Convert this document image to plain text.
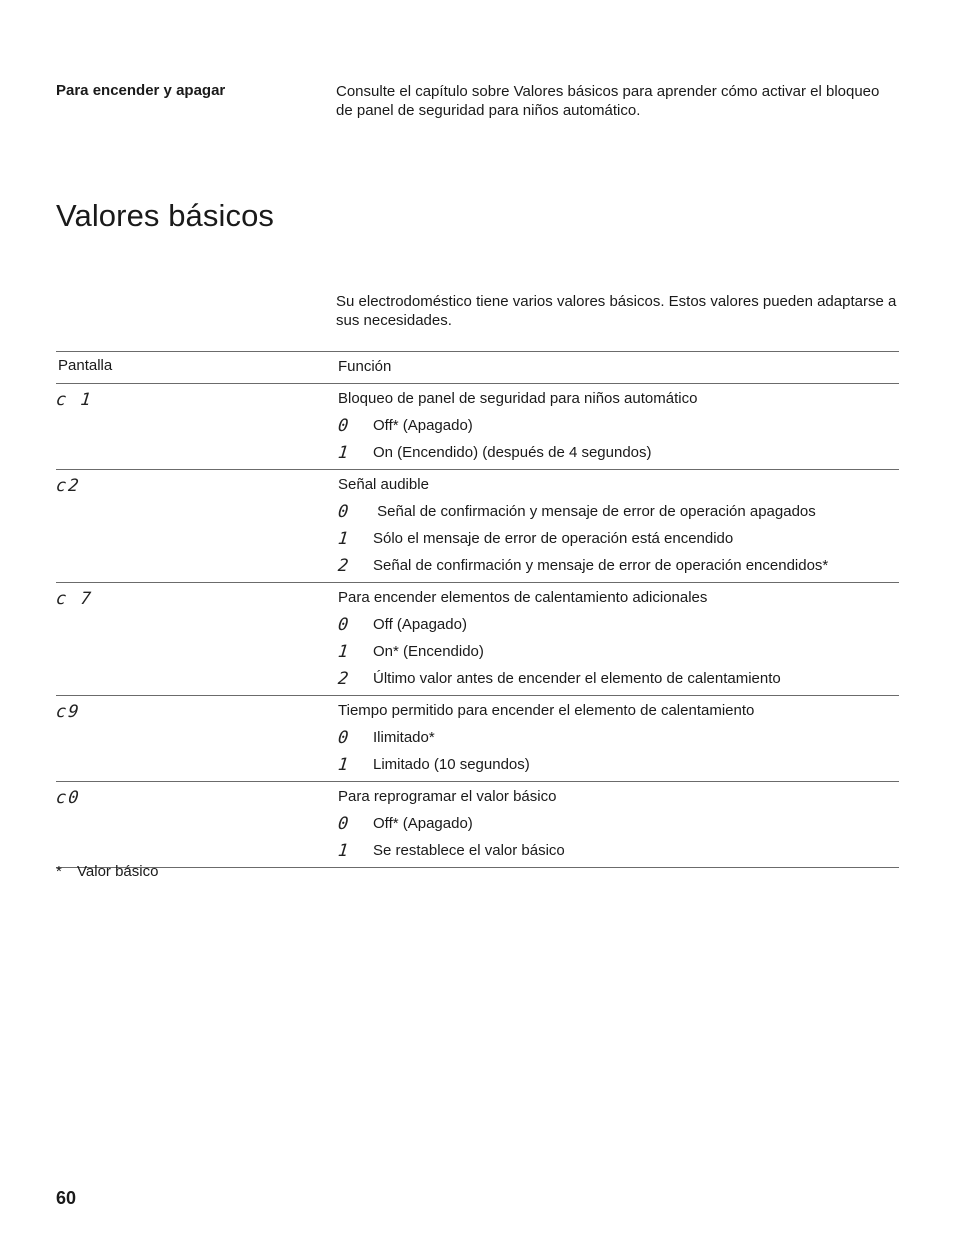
Para encender y apagar	Consulte el capítulo sobre Valores básicos para aprender cómo activar el bloqueo de panel de seguridad para niños automático.
Valores básicos
Su electrodoméstico tiene varios valores básicos. Estos valores pueden adaptarse a sus necesidades.
Pantalla	Función
c 1	Bloqueo de panel de seguridad para niños automático
0	Off* (Apagado)
1	On (Encendido) (después de 4 segundos)
c2	Señal audible
0	Señal de confirmación y mensaje de error de operación apagados
1	Sólo el mensaje de error de operación está encendido
2	Señal de confirmación y mensaje de error de operación encendidos*
c 7	Para encender elementos de calentamiento adicionales
0	Off (Apagado)
1	On* (Encendido)
2	Último valor antes de encender el elemento de calentamiento
c9	Tiempo permitido para encender el elemento de calentamiento
0	Ilimitado*
1	Limitado (10 segundos)
c0	Para reprogramar el valor básico
0	Off* (Apagado)
1	Se restablece el valor básico
* Valor básico
60
